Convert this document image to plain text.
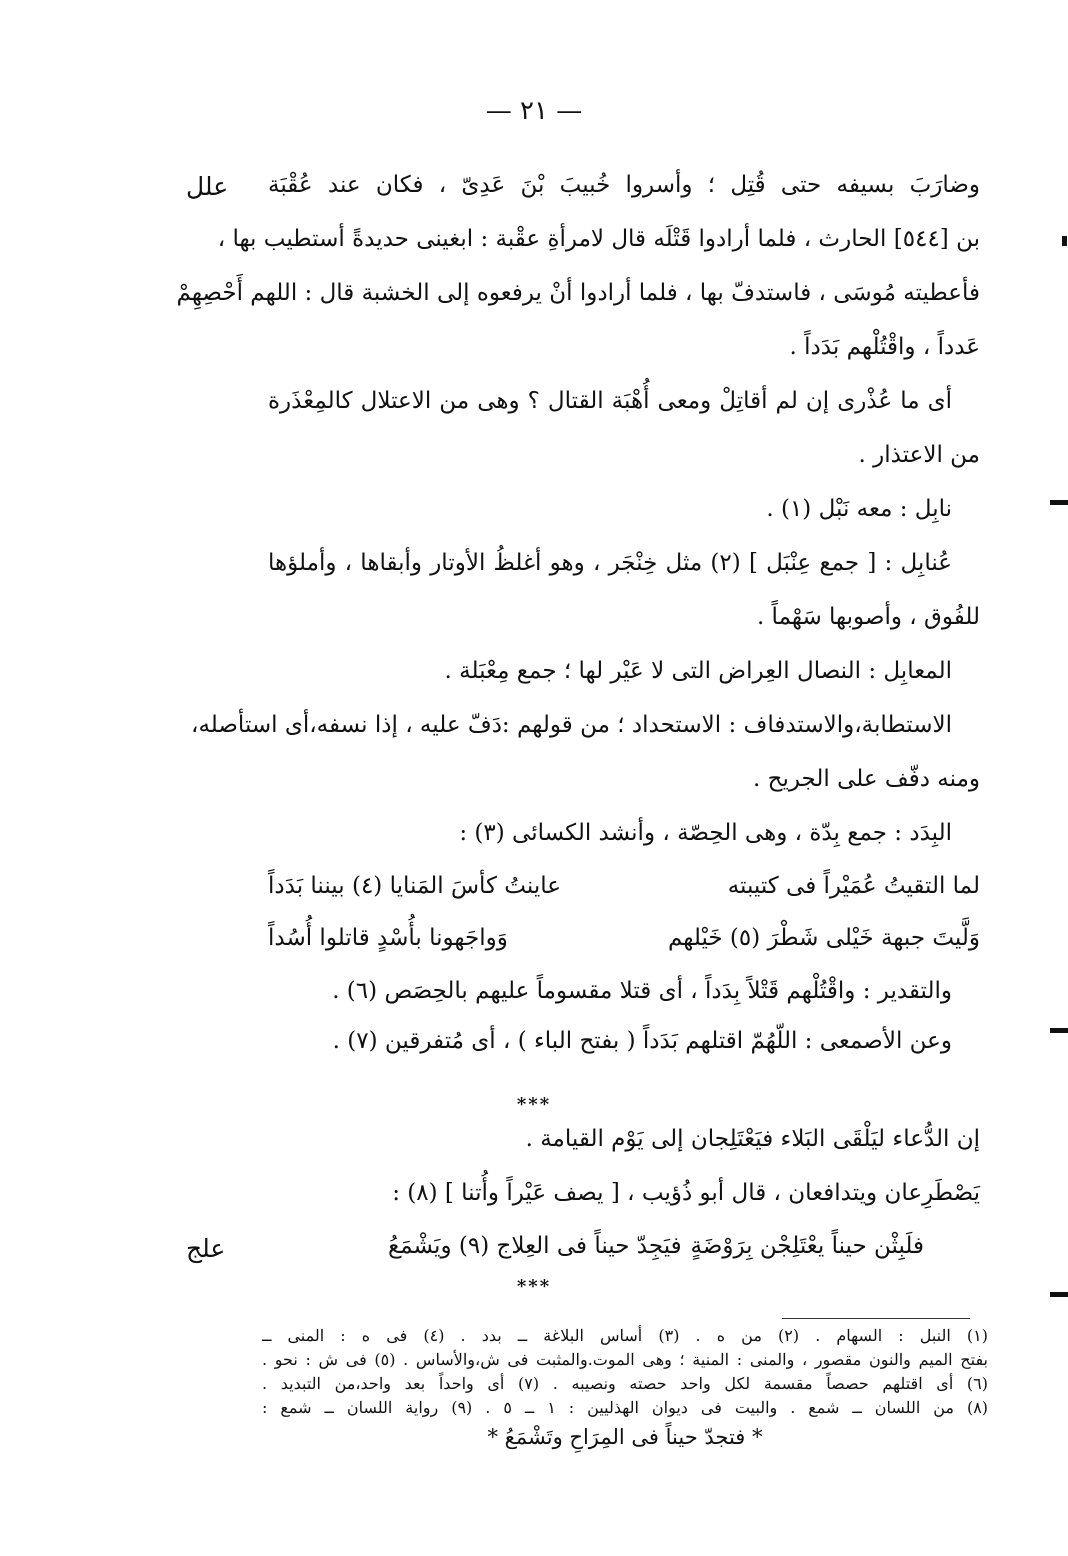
— ٢١ —
علل
علج
وضارَبَ بسيفه حتى قُتِل ؛ وأسروا خُبيبَ بْنَ عَدِىّ ، فكان عند عُقْبَة
بن [٥٤٤] الحارث ، فلما أرادوا قَتْلَه قال لامرأةِ عقْبة : ابغينى حديدةً أستطيب بها ،
فأعطيته مُوسَى ، فاستدفّ بها ، فلما أرادوا أنْ يرفعوه إلى الخشبة قال : اللهم أَحْصِهِمْ
عَدداً ، واقْتُلْهم بَدَداً .
أى ما عُذْرى إن لم أقاتِلْ ومعى أُهْبَة القتال ؟ وهى من الاعتلال كالمِعْذَرة
من الاعتذار .
نابِل : معه نَبْل (١) .
عُنابِل : [ جمع عِنْبَل ] (٢) مثل خِنْجَر ، وهو أغلظُ الأوتار وأبقاها ، وأملؤها
للفُوق ، وأصوبها سَهْماً .
المعابِل : النصال العِراض التى لا عَيْر لها ؛ جمع مِعْبَلة .
الاستطابة،والاستدفاف : الاستحداد ؛ من قولهم :دَفّ عليه ، إذا نسفه،أى استأصله،
ومنه دفّف على الجريح .
البِدَد : جمع بِدّة ، وهى الحِصّة ، وأنشد الكسائى (٣) :
لما التقيتُ عُمَيْراً فى كتيبته
عاينتُ كأسَ المَنايا (٤) بيننا بَدَداً
وَلَّيتَ جبهة خَيْلى شَطْرَ (٥) خَيْلهم
وَواجَهونا بأُسْدٍ قاتلوا أُسُداً
والتقدير : واقْتُلْهم قَتْلاً بِدَداً ، أى قتلا مقسوماً عليهم بالحِصَص (٦) .
وعن الأصمعى : اللّهُمّ اقتلهم بَدَداً ( بفتح الباء ) ، أى مُتفرقين (٧) .
***
إن الدُّعاء ليَلْقَى البَلاء فيَعْتَلِجان إلى يَوْم القيامة .
يَصْطَرِعان ويتدافعان ، قال أبو ذُؤيب ، [ يصف عَيْراً وأُتنا ] (٨) :
فلَبِثْن حيناً يعْتَلِجْن بِرَوْضَةٍ
فيَجِدّ حيناً فى العِلاج (٩) ويَشْمَعُ
***
(١) النبل : السهام . (٢) من ه . (٣) أساس البلاغة ــ بدد . (٤) فى ه : المنى ــ
بفتح الميم والنون مقصور ، والمنى : المنية ؛ وهى الموت.والمثبت فى ش،والأساس . (٥) فى ش : نحو .
(٦) أى اقتلهم حصصاً مقسمة لكل واحد حصته ونصيبه . (٧) أى واحداً بعد واحد،من التبديد .
(٨) من اللسان ــ شمع . والبيت فى ديوان الهذليين : ١ ــ ٥ . (٩) رواية اللسان ــ شمع :
* فتجدّ حيناً فى المِرَاحِ وتَشْمَعُ *
